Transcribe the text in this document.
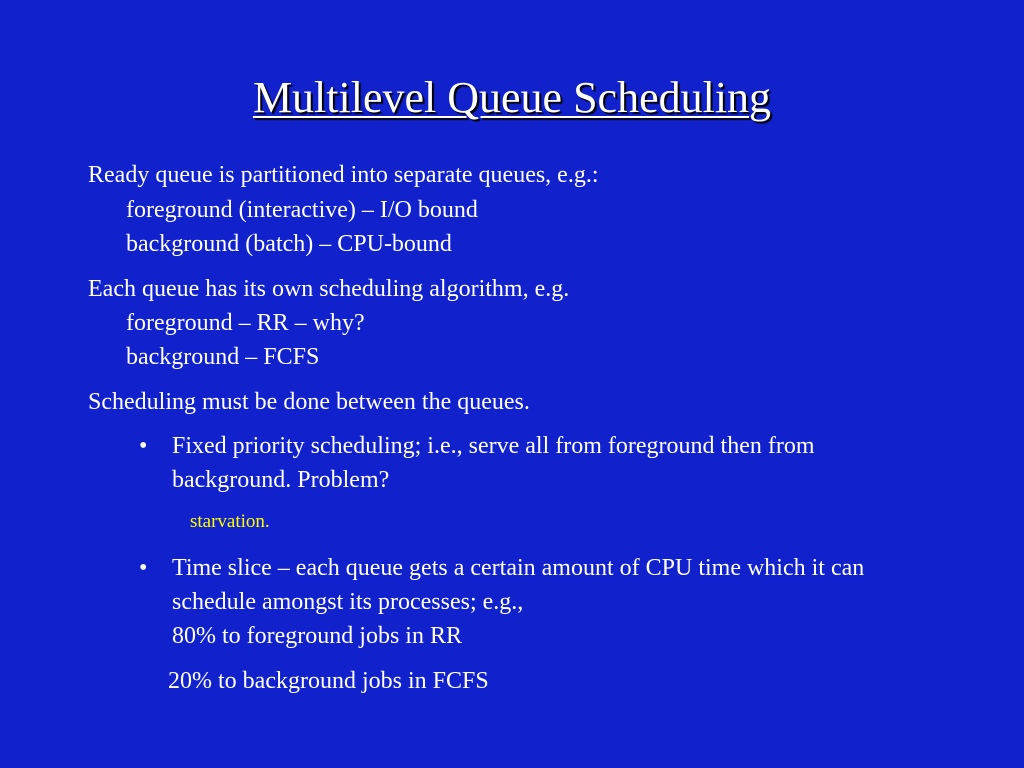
Multilevel Queue Scheduling
Ready queue is partitioned into separate queues, e.g.:
foreground (interactive) – I/O bound
background (batch) – CPU-bound
Each queue has its own scheduling algorithm, e.g.
foreground – RR – why?
background – FCFS
Scheduling must be done between the queues.
• Fixed priority scheduling; i.e., serve all from foreground then from
background. Problem?
starvation.
• Time slice – each queue gets a certain amount of CPU time which it can
schedule amongst its processes; e.g.,
80% to foreground jobs in RR
20% to background jobs in FCFS
